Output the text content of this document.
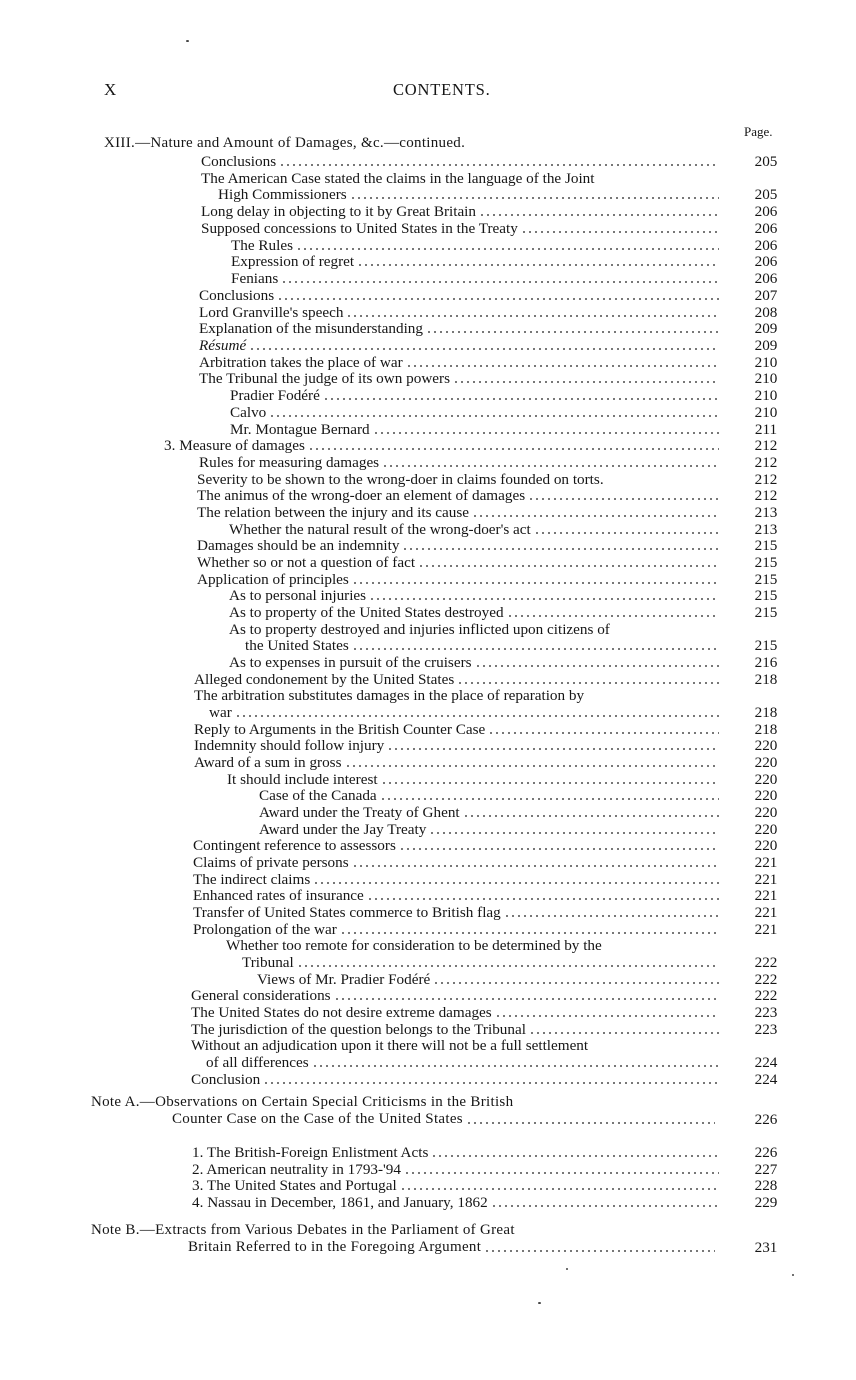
X	CONTENTS.
Page.
XIII.—Nature and Amount of Damages, &c.—continued.
Conclusions	205
The American Case stated the claims in the language of the Joint
High Commissioners	205
Long delay in objecting to it by Great Britain	206
Supposed concessions to United States in the Treaty	206
The Rules	206
Expression of regret	206
Fenians	206
Conclusions	207
Lord Granville's speech	208
Explanation of the misunderstanding	209
Résumé	209
Arbitration takes the place of war	210
The Tribunal the judge of its own powers	210
Pradier Fodéré	210
Calvo	210
Mr. Montague Bernard	211
3. Measure of damages	212
Rules for measuring damages	212
Severity to be shown to the wrong-doer in claims founded on torts.	212
The animus of the wrong-doer an element of damages	212
The relation between the injury and its cause	213
Whether the natural result of the wrong-doer's act	213
Damages should be an indemnity	215
Whether so or not a question of fact	215
Application of principles	215
As to personal injuries	215
As to property of the United States destroyed	215
As to property destroyed and injuries inflicted upon citizens of
the United States	215
As to expenses in pursuit of the cruisers	216
Alleged condonement by the United States	218
The arbitration substitutes damages in the place of reparation by
war	218
Reply to Arguments in the British Counter Case	218
Indemnity should follow injury	220
Award of a sum in gross	220
It should include interest	220
Case of the Canada	220
Award under the Treaty of Ghent	220
Award under the Jay Treaty	220
Contingent reference to assessors	220
Claims of private persons	221
The indirect claims	221
Enhanced rates of insurance	221
Transfer of United States commerce to British flag	221
Prolongation of the war	221
Whether too remote for consideration to be determined by the
Tribunal	222
Views of Mr. Pradier Fodéré	222
General considerations	222
The United States do not desire extreme damages	223
The jurisdiction of the question belongs to the Tribunal	223
Without an adjudication upon it there will not be a full settlement
of all differences	224
Conclusion	224
Note A.—Observations on Certain Special Criticisms in the British
Counter Case on the Case of the United States	226
1. The British-Foreign Enlistment Acts	226
2. American neutrality in 1793-'94	227
3. The United States and Portugal	228
4. Nassau in December, 1861, and January, 1862	229
Note B.—Extracts from Various Debates in the Parliament of Great
Britain Referred to in the Foregoing Argument	231
